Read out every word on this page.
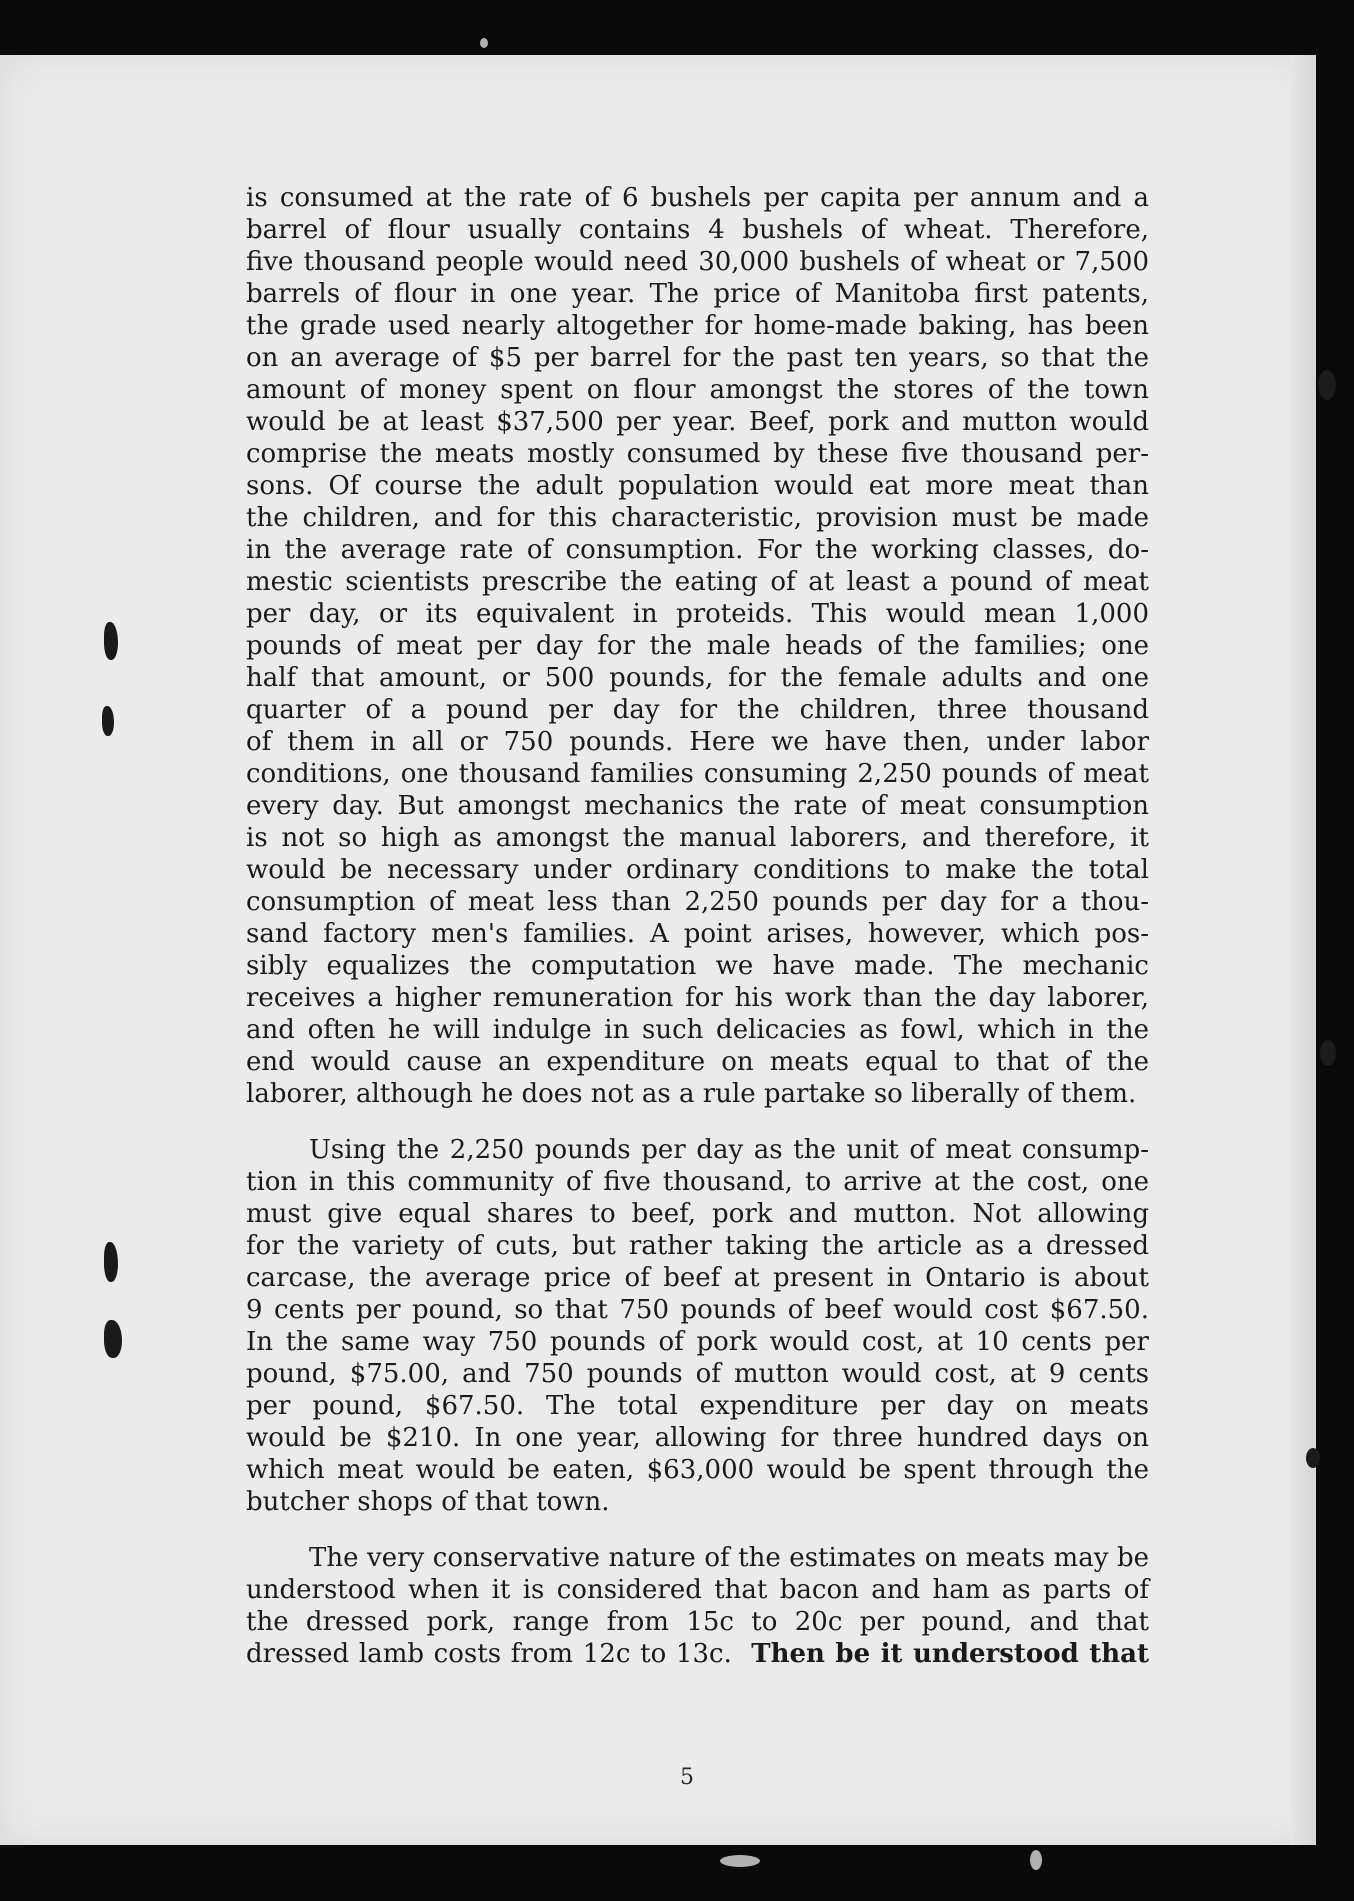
is consumed at the rate of 6 bushels per capita per annum and a
barrel of flour usually contains 4 bushels of wheat. Therefore,
five thousand people would need 30,000 bushels of wheat or 7,500
barrels of flour in one year. The price of Manitoba first patents,
the grade used nearly altogether for home-made baking, has been
on an average of $5 per barrel for the past ten years, so that the
amount of money spent on flour amongst the stores of the town
would be at least $37,500 per year. Beef, pork and mutton would
comprise the meats mostly consumed by these five thousand per-
sons. Of course the adult population would eat more meat than
the children, and for this characteristic, provision must be made
in the average rate of consumption. For the working classes, do-
mestic scientists prescribe the eating of at least a pound of meat
per day, or its equivalent in proteids. This would mean 1,000
pounds of meat per day for the male heads of the families; one
half that amount, or 500 pounds, for the female adults and one
quarter of a pound per day for the children, three thousand
of them in all or 750 pounds. Here we have then, under labor
conditions, one thousand families consuming 2,250 pounds of meat
every day. But amongst mechanics the rate of meat consumption
is not so high as amongst the manual laborers, and therefore, it
would be necessary under ordinary conditions to make the total
consumption of meat less than 2,250 pounds per day for a thou-
sand factory men's families. A point arises, however, which pos-
sibly equalizes the computation we have made. The mechanic
receives a higher remuneration for his work than the day laborer,
and often he will indulge in such delicacies as fowl, which in the
end would cause an expenditure on meats equal to that of the
laborer, although he does not as a rule partake so liberally of them.

Using the 2,250 pounds per day as the unit of meat consump-
tion in this community of five thousand, to arrive at the cost, one
must give equal shares to beef, pork and mutton. Not allowing
for the variety of cuts, but rather taking the article as a dressed
carcase, the average price of beef at present in Ontario is about
9 cents per pound, so that 750 pounds of beef would cost $67.50.
In the same way 750 pounds of pork would cost, at 10 cents per
pound, $75.00, and 750 pounds of mutton would cost, at 9 cents
per pound, $67.50. The total expenditure per day on meats
would be $210. In one year, allowing for three hundred days on
which meat would be eaten, $63,000 would be spent through the
butcher shops of that town.

The very conservative nature of the estimates on meats may be
understood when it is considered that bacon and ham as parts of
the dressed pork, range from 15c to 20c per pound, and that
dressed lamb costs from 12c to 13c. Then be it understood that

5
